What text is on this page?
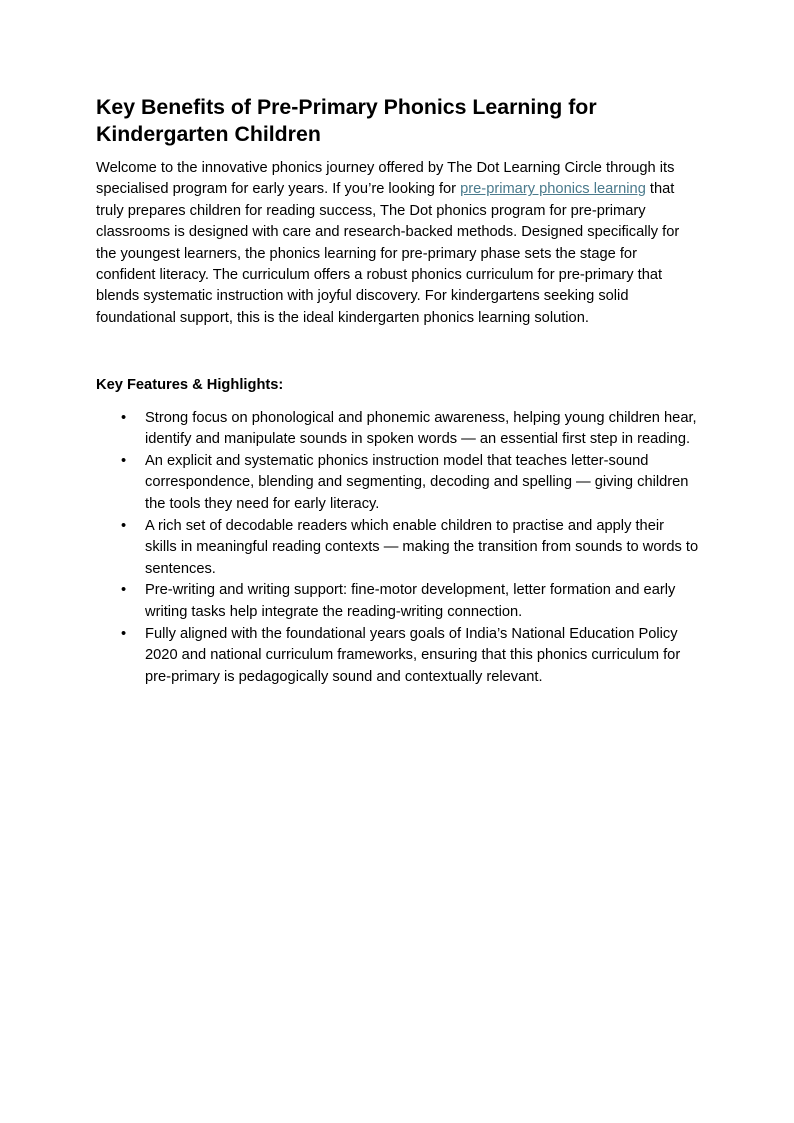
Key Benefits of Pre-Primary Phonics Learning for Kindergarten Children

Welcome to the innovative phonics journey offered by The Dot Learning Circle through its specialised program for early years. If you’re looking for pre-primary phonics learning that truly prepares children for reading success, The Dot phonics program for pre-primary classrooms is designed with care and research-backed methods. Designed specifically for the youngest learners, the phonics learning for pre-primary phase sets the stage for confident literacy. The curriculum offers a robust phonics curriculum for pre-primary that blends systematic instruction with joyful discovery. For kindergartens seeking solid foundational support, this is the ideal kindergarten phonics learning solution.

Key Features & Highlights:
• Strong focus on phonological and phonemic awareness, helping young children hear, identify and manipulate sounds in spoken words — an essential first step in reading.
• An explicit and systematic phonics instruction model that teaches letter-sound correspondence, blending and segmenting, decoding and spelling — giving children the tools they need for early literacy.
• A rich set of decodable readers which enable children to practise and apply their skills in meaningful reading contexts — making the transition from sounds to words to sentences.
• Pre-writing and writing support: fine-motor development, letter formation and early writing tasks help integrate the reading-writing connection.
• Fully aligned with the foundational years goals of India’s National Education Policy 2020 and national curriculum frameworks, ensuring that this phonics curriculum for pre-primary is pedagogically sound and contextually relevant.
